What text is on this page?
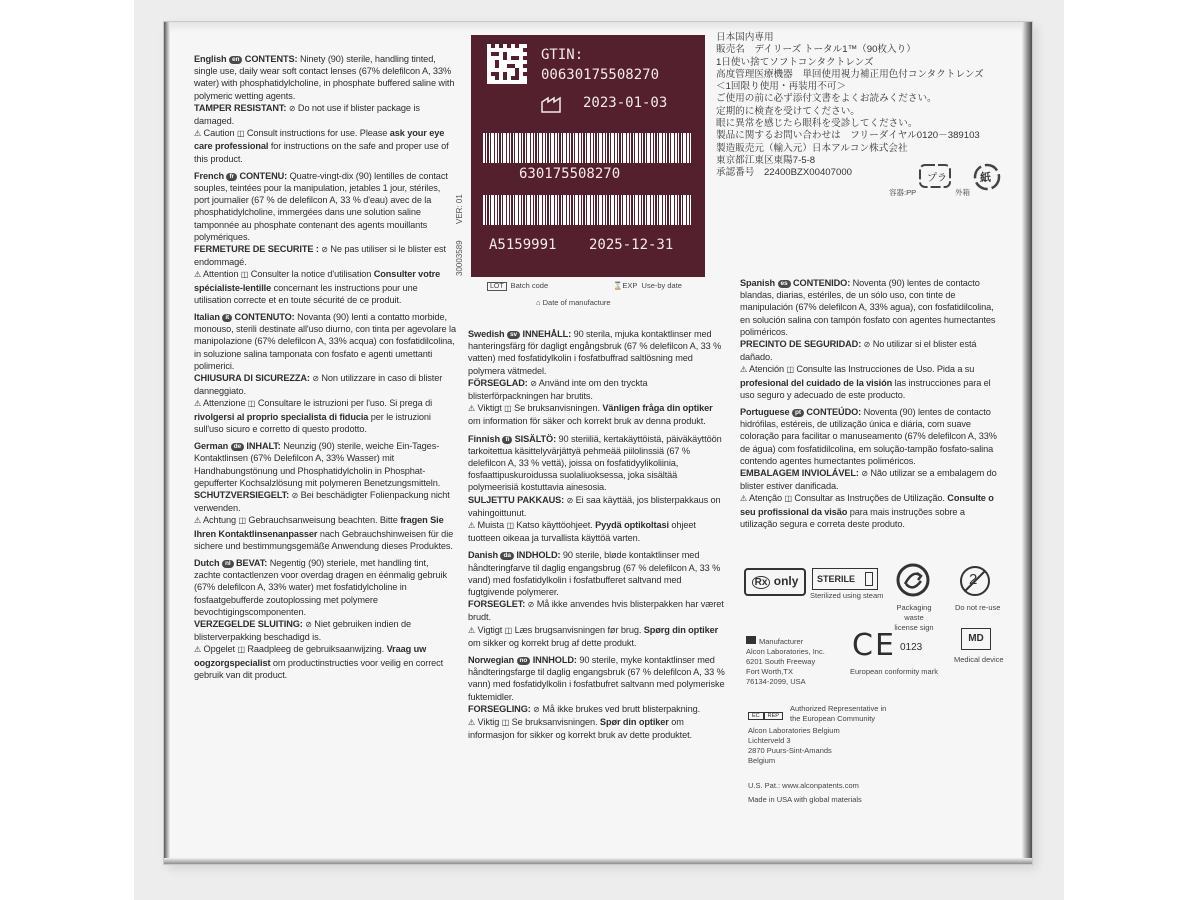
English en CONTENTS: Ninety (90) sterile, handling tinted, single use, daily wear soft contact lenses (67% delefilcon A, 33% water) with phosphatidylcholine, in phosphate buffered saline with polymeric wetting agents.
TAMPER RESISTANT: ⊘ Do not use if blister package is damaged.
⚠ Caution ◫ Consult instructions for use. Please ask your eye care professional for instructions on the safe and proper use of this product.

French fr CONTENU: Quatre-vingt-dix (90) lentilles de contact souples, teintées pour la manipulation, jetables 1 jour, stériles, port journalier (67 % de delefilcon A, 33 % d'eau) avec de la phosphatidylcholine, immergées dans une solution saline tamponnée au phosphate contenant des agents mouillants polymériques.
FERMETURE DE SECURITE : ⊘ Ne pas utiliser si le blister est endommagé.
⚠ Attention ◫ Consulter la notice d'utilisation Consulter votre spécialiste-lentille concernant les instructions pour une utilisation correcte et en toute sécurité de ce produit.

Italian it CONTENUTO: Novanta (90) lenti a contatto morbide, monouso, sterili destinate all'uso diurno, con tinta per agevolare la manipolazione (67% delefilcon A, 33% acqua) con fosfatidilcolina, in soluzione salina tamponata con fosfato e agenti umettanti polimerici.
CHIUSURA DI SICUREZZA: ⊘ Non utilizzare in caso di blister danneggiato.
⚠ Attenzione ◫ Consultare le istruzioni per l'uso. Si prega di rivolgersi al proprio specialista di fiducia per le istruzioni sull'uso sicuro e corretto di questo prodotto.

German de INHALT: Neunzig (90) sterile, weiche Ein-Tages-Kontaktlinsen (67% Delefilcon A, 33% Wasser) mit Handhabungstönung und Phosphatidylcholin in Phosphat-gepufferter Kochsalzlösung mit polymeren Benetzungsmitteln.
SCHUTZVERSIEGELT: ⊘ Bei beschädigter Folienpackung nicht verwenden.
⚠ Achtung ◫ Gebrauchsanweisung beachten. Bitte fragen Sie Ihren Kontaktlinsenanpasser nach Gebrauchshinweisen für die sichere und bestimmungsgemäße Anwendung dieses Produktes.

Dutch nl BEVAT: Negentig (90) steriele, met handling tint, zachte contactlenzen voor overdag dragen en éénmalig gebruik (67% delefilcon A, 33% water) met fosfatidylcholine in fosfaatgebufferde zoutoplossing met polymere bevochtigingscomponenten.
VERZEGELDE SLUITING: ⊘ Niet gebruiken indien de blisterverpakking beschadigd is.
⚠ Opgelet ◫ Raadpleeg de gebruiksaanwijzing. Vraag uw oogzorgspecialist om productinstructies voor veilig en correct gebruik van dit product.

Swedish sv INNEHÅLL: 90 sterila, mjuka kontaktlinser med hanteringsfärg för dagligt engångsbruk (67 % delefilcon A, 33 % vatten) med fosfatidylkolin i fosfatbuffrad saltlösning med polymera vätmedel.
FÖRSEGLAD: ⊘ Använd inte om den tryckta blisterförpackningen har brutits.
⚠ Viktigt ◫ Se bruksanvisningen. Vänligen fråga din optiker om information för säker och korrekt bruk av denna produkt.

Finnish fi SISÄLTÖ: 90 steriiliä, kertakäyttöistä, päiväkäyttöön tarkoitettua käsittelyvärjättyä pehmeää piilolinssiä (67 % delefilcon A, 33 % vettä), joissa on fosfatidyylikoliinia, fosfaattipuskuroidussa suolaliuoksessa, joka sisältää polymeerisiä kostuttavia ainesosia.
SULJETTU PAKKAUS: ⊘ Ei saa käyttää, jos blisterpakkaus on vahingoittunut.
⚠ Muista ◫ Katso käyttöohjeet. Pyydä optikoltasi ohjeet tuotteen oikeaa ja turvallista käyttöä varten.

Danish da INDHOLD: 90 sterile, bløde kontaktlinser med håndteringfarve til daglig engangsbrug (67 % delefilcon A, 33 % vand) med fosfatidylkolin i fosfatbufferet saltvand med fugtgivende polymerer.
FORSEGLET: ⊘ Må ikke anvendes hvis blisterpakken har været brudt.
⚠ Vigtigt ◫ Læs brugsanvisningen før brug. Spørg din optiker om sikker og korrekt brug af dette produkt.

Norwegian no INNHOLD: 90 sterile, myke kontaktlinser med håndteringsfarge til daglig engangsbruk (67 % delefilcon A, 33 % vann) med fosfatidylkolin i fosfatbufret saltvann med polymeriske fuktemidler.
FORSEGLING: ⊘ Må ikke brukes ved brutt blisterpakning.
⚠ Viktig ◫ Se bruksanvisningen. Spør din optiker om informasjon for sikker og korrekt bruk av dette produktet.

Spanish es CONTENIDO: Noventa (90) lentes de contacto blandas, diarias, estériles, de un sólo uso, con tinte de manipulación (67% delefilcon A, 33% agua), con fosfatidilcolina, en solución salina con tampón fosfato con agentes humectantes poliméricos.
PRECINTO DE SEGURIDAD: ⊘ No utilizar si el blister está dañado.
⚠ Atención ◫ Consulte las Instrucciones de Uso. Pida a su profesional del cuidado de la visión las instrucciones para el uso seguro y adecuado de este producto.

Portuguese pt CONTEÚDO: Noventa (90) lentes de contacto hidrófilas, estéreis, de utilização única e diária, com suave coloração para facilitar o manuseamento (67% delefilcon A, 33% de água) com fosfatidilcolina, em solução-tampão fosfato-salina contendo agentes humectantes poliméricos.
EMBALAGEM INVIOLÁVEL: ⊘ Não utilizar se a embalagem do blister estiver danificada.
⚠ Atenção ◫ Consultar as Instruções de Utilização. Consulte o seu profissional da visão para mais instruções sobre a utilização segura e correta deste produto.

30003589
VER: 01
GTIN:
00630175508270
2023-01-03
630175508270
A5159991 2025-12-31
LOT Batch code	⌛EXP Use-by date
⌂ Date of manufacture
日本国内専用
販売名　デイリーズ トータル1™（90枚入り）
1日使い捨てソフトコンタクトレンズ
高度管理医療機器　単回使用視力補正用色付コンタクトレンズ
＜1回限り使用・再装用不可＞
ご使用の前に必ず添付文書をよくお読みください。
定期的に検査を受けてください。
眼に異常を感じたら眼科を受診してください。
製品に関するお問い合わせは　フリーダイヤル0120－389103
製造販売元（輸入元）日本アルコン株式会社
東京都江東区東陽7-5-8
承認番号　22400BZX00407000
容器:PP
プラ	紙
外箱
Rx only	STERILE
Sterilized using steam
Packaging waste
license sign
2
Do not re-use
Manufacturer
Alcon Laboratories, Inc.
6201 South Freeway
Fort Worth,TX
76134-2099, USA
CE 0123
European conformity mark
MD
Medical device
EC REP
Authorized Representative in
the European Community
Alcon Laboratories Belgium
Lichterveld 3
2870 Puurs-Sint-Amands
Belgium
U.S. Pat.: www.alconpatents.com
Made in USA with global materials
